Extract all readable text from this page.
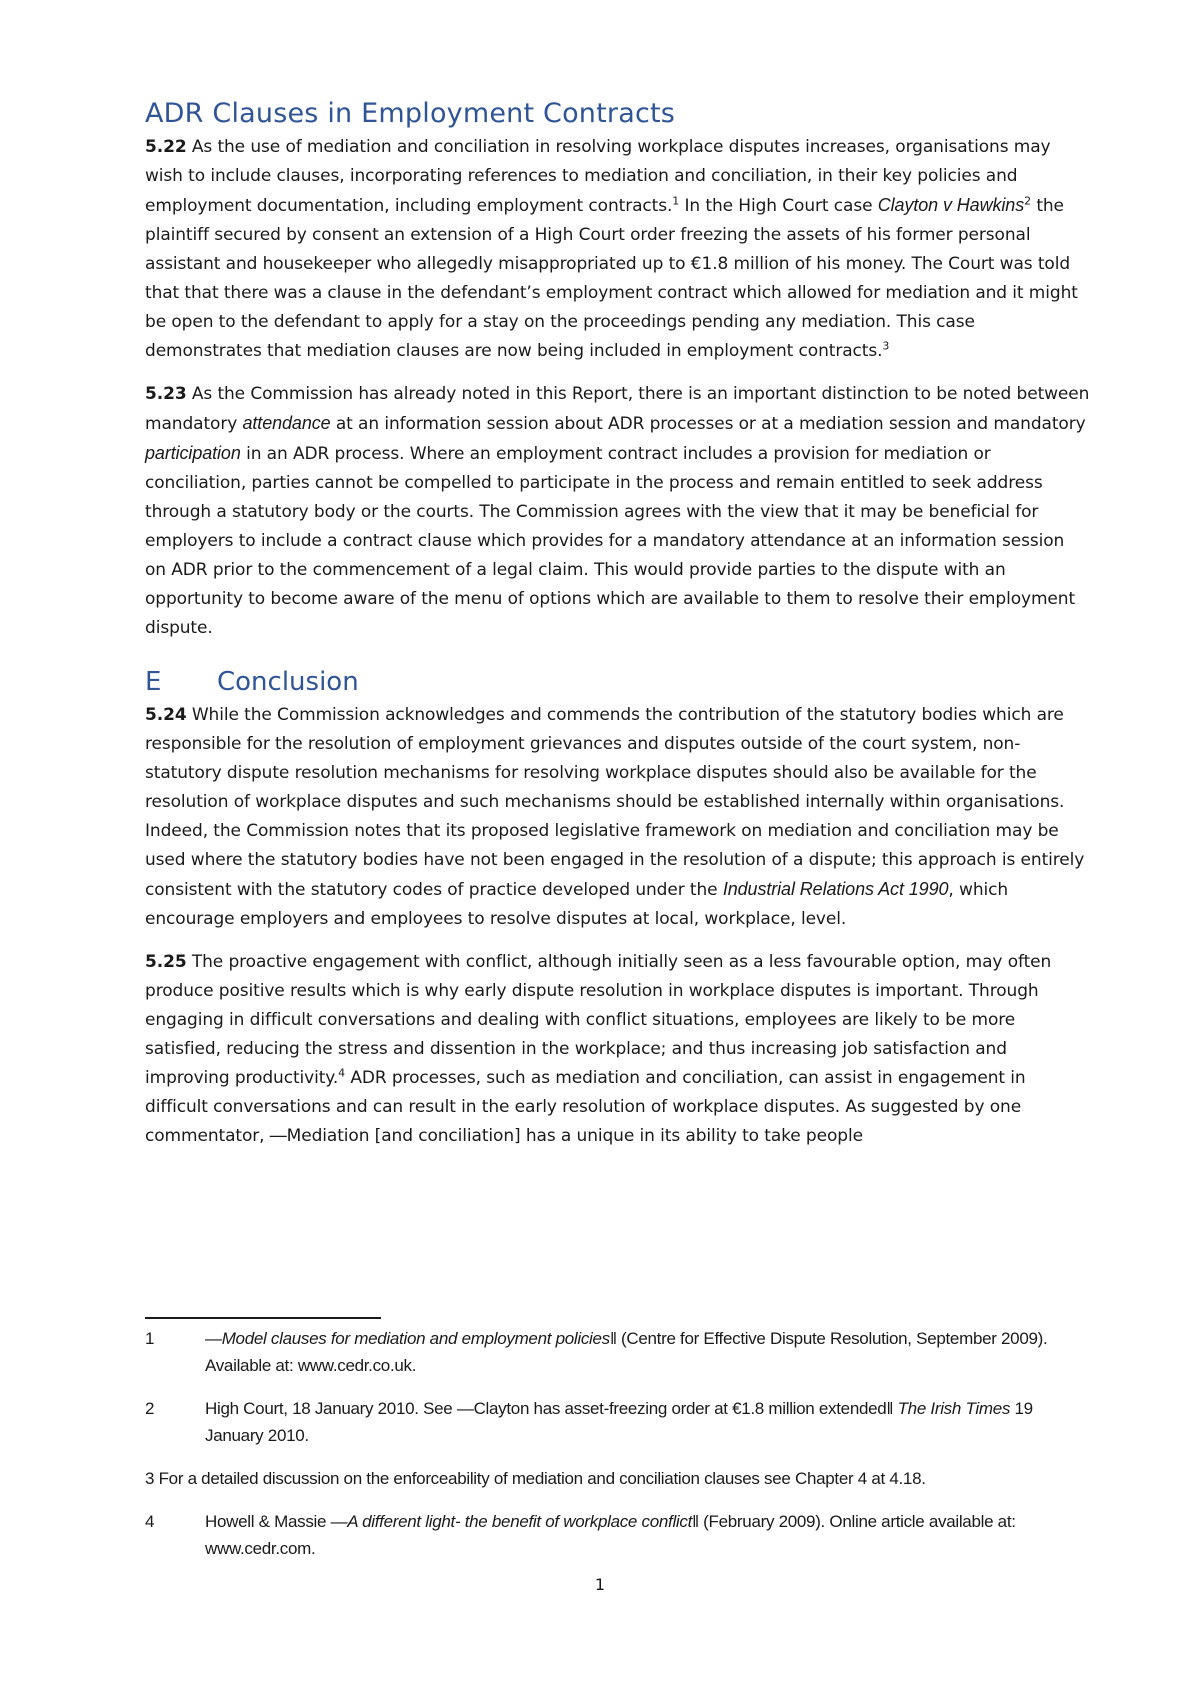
ADR Clauses in Employment Contracts

5.22 As the use of mediation and conciliation in resolving workplace disputes increases, organisations may wish to include clauses, incorporating references to mediation and conciliation, in their key policies and employment documentation, including employment contracts.$^1$ In the High Court case Clayton v Hawkins$^2$ the plaintiff secured by consent an extension of a High Court order freezing the assets of his former personal assistant and housekeeper who allegedly misappropriated up to €1.8 million of his money. The Court was told that that there was a clause in the defendant’s employment contract which allowed for mediation and it might be open to the defendant to apply for a stay on the proceedings pending any mediation. This case demonstrates that mediation clauses are now being included in employment contracts.$^3$

5.23 As the Commission has already noted in this Report, there is an important distinction to be noted between mandatory attendance at an information session about ADR processes or at a mediation session and mandatory participation in an ADR process. Where an employment contract includes a provision for mediation or conciliation, parties cannot be compelled to participate in the process and remain entitled to seek address through a statutory body or the courts. The Commission agrees with the view that it may be beneficial for employers to include a contract clause which provides for a mandatory attendance at an information session on ADR prior to the commencement of a legal claim. This would provide parties to the dispute with an opportunity to become aware of the menu of options which are available to them to resolve their employment dispute.

E Conclusion

5.24 While the Commission acknowledges and commends the contribution of the statutory bodies which are responsible for the resolution of employment grievances and disputes outside of the court system, non-statutory dispute resolution mechanisms for resolving workplace disputes should also be available for the resolution of workplace disputes and such mechanisms should be established internally within organisations. Indeed, the Commission notes that its proposed legislative framework on mediation and conciliation may be used where the statutory bodies have not been engaged in the resolution of a dispute; this approach is entirely consistent with the statutory codes of practice developed under the Industrial Relations Act 1990, which encourage employers and employees to resolve disputes at local, workplace, level.

5.25 The proactive engagement with conflict, although initially seen as a less favourable option, may often produce positive results which is why early dispute resolution in workplace disputes is important. Through engaging in difficult conversations and dealing with conflict situations, employees are likely to be more satisfied, reducing the stress and dissention in the workplace; and thus increasing job satisfaction and improving productivity.$^4$ ADR processes, such as mediation and conciliation, can assist in engagement in difficult conversations and can result in the early resolution of workplace disputes. As suggested by one commentator, ―Mediation [and conciliation] has a unique in its ability to take people

1	―Model clauses for mediation and employment policies‖ (Centre for Effective Dispute Resolution, September 2009). Available at: www.cedr.co.uk.
2	High Court, 18 January 2010. See ―Clayton has asset-freezing order at €1.8 million extended‖ The Irish Times 19 January 2010.
3 For a detailed discussion on the enforceability of mediation and conciliation clauses see Chapter 4 at 4.18.
4	Howell & Massie ―A different light- the benefit of workplace conflict‖ (February 2009). Online article available at: www.cedr.com.
1
